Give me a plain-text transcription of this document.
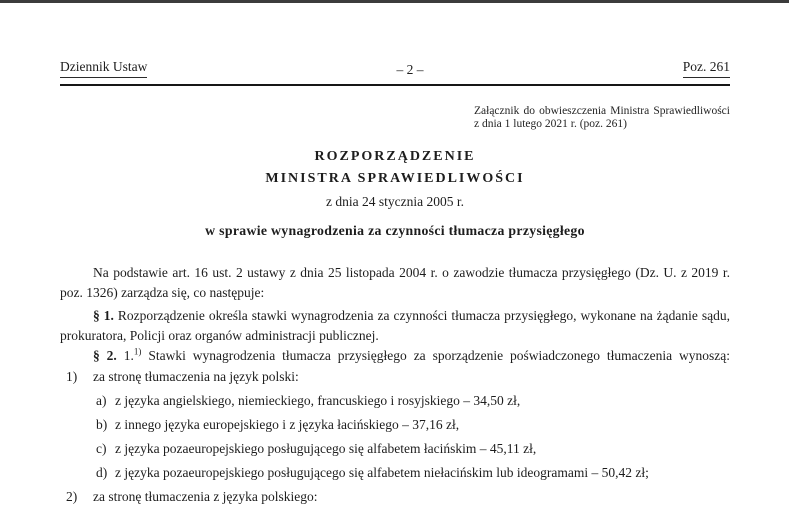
Dziennik Ustaw	– 2 –	Poz. 261
Załącznik do obwieszczenia Ministra Sprawiedliwości
z dnia 1 lutego 2021 r. (poz. 261)
ROZPORZĄDZENIE
MINISTRA SPRAWIEDLIWOŚCI
z dnia 24 stycznia 2005 r.
w sprawie wynagrodzenia za czynności tłumacza przysięgłego
Na podstawie art. 16 ust. 2 ustawy z dnia 25 listopada 2004 r. o zawodzie tłumacza przysięgłego (Dz. U. z 2019 r.
poz. 1326) zarządza się, co następuje:
§ 1. Rozporządzenie określa stawki wynagrodzenia za czynności tłumacza przysięgłego, wykonane na żądanie sądu,
prokuratora, Policji oraz organów administracji publicznej.
§ 2. 1.$^{1)}$ Stawki wynagrodzenia tłumacza przysięgłego za sporządzenie poświadczonego tłumaczenia wynoszą:
1)	za stronę tłumaczenia na język polski:
a) z języka angielskiego, niemieckiego, francuskiego i rosyjskiego – 34,50 zł,
b) z innego języka europejskiego i z języka łacińskiego – 37,16 zł,
c) z języka pozaeuropejskiego posługującego się alfabetem łacińskim – 45,11 zł,
d) z języka pozaeuropejskiego posługującego się alfabetem niełacińskim lub ideogramami – 50,42 zł;
2)	za stronę tłumaczenia z języka polskiego:
